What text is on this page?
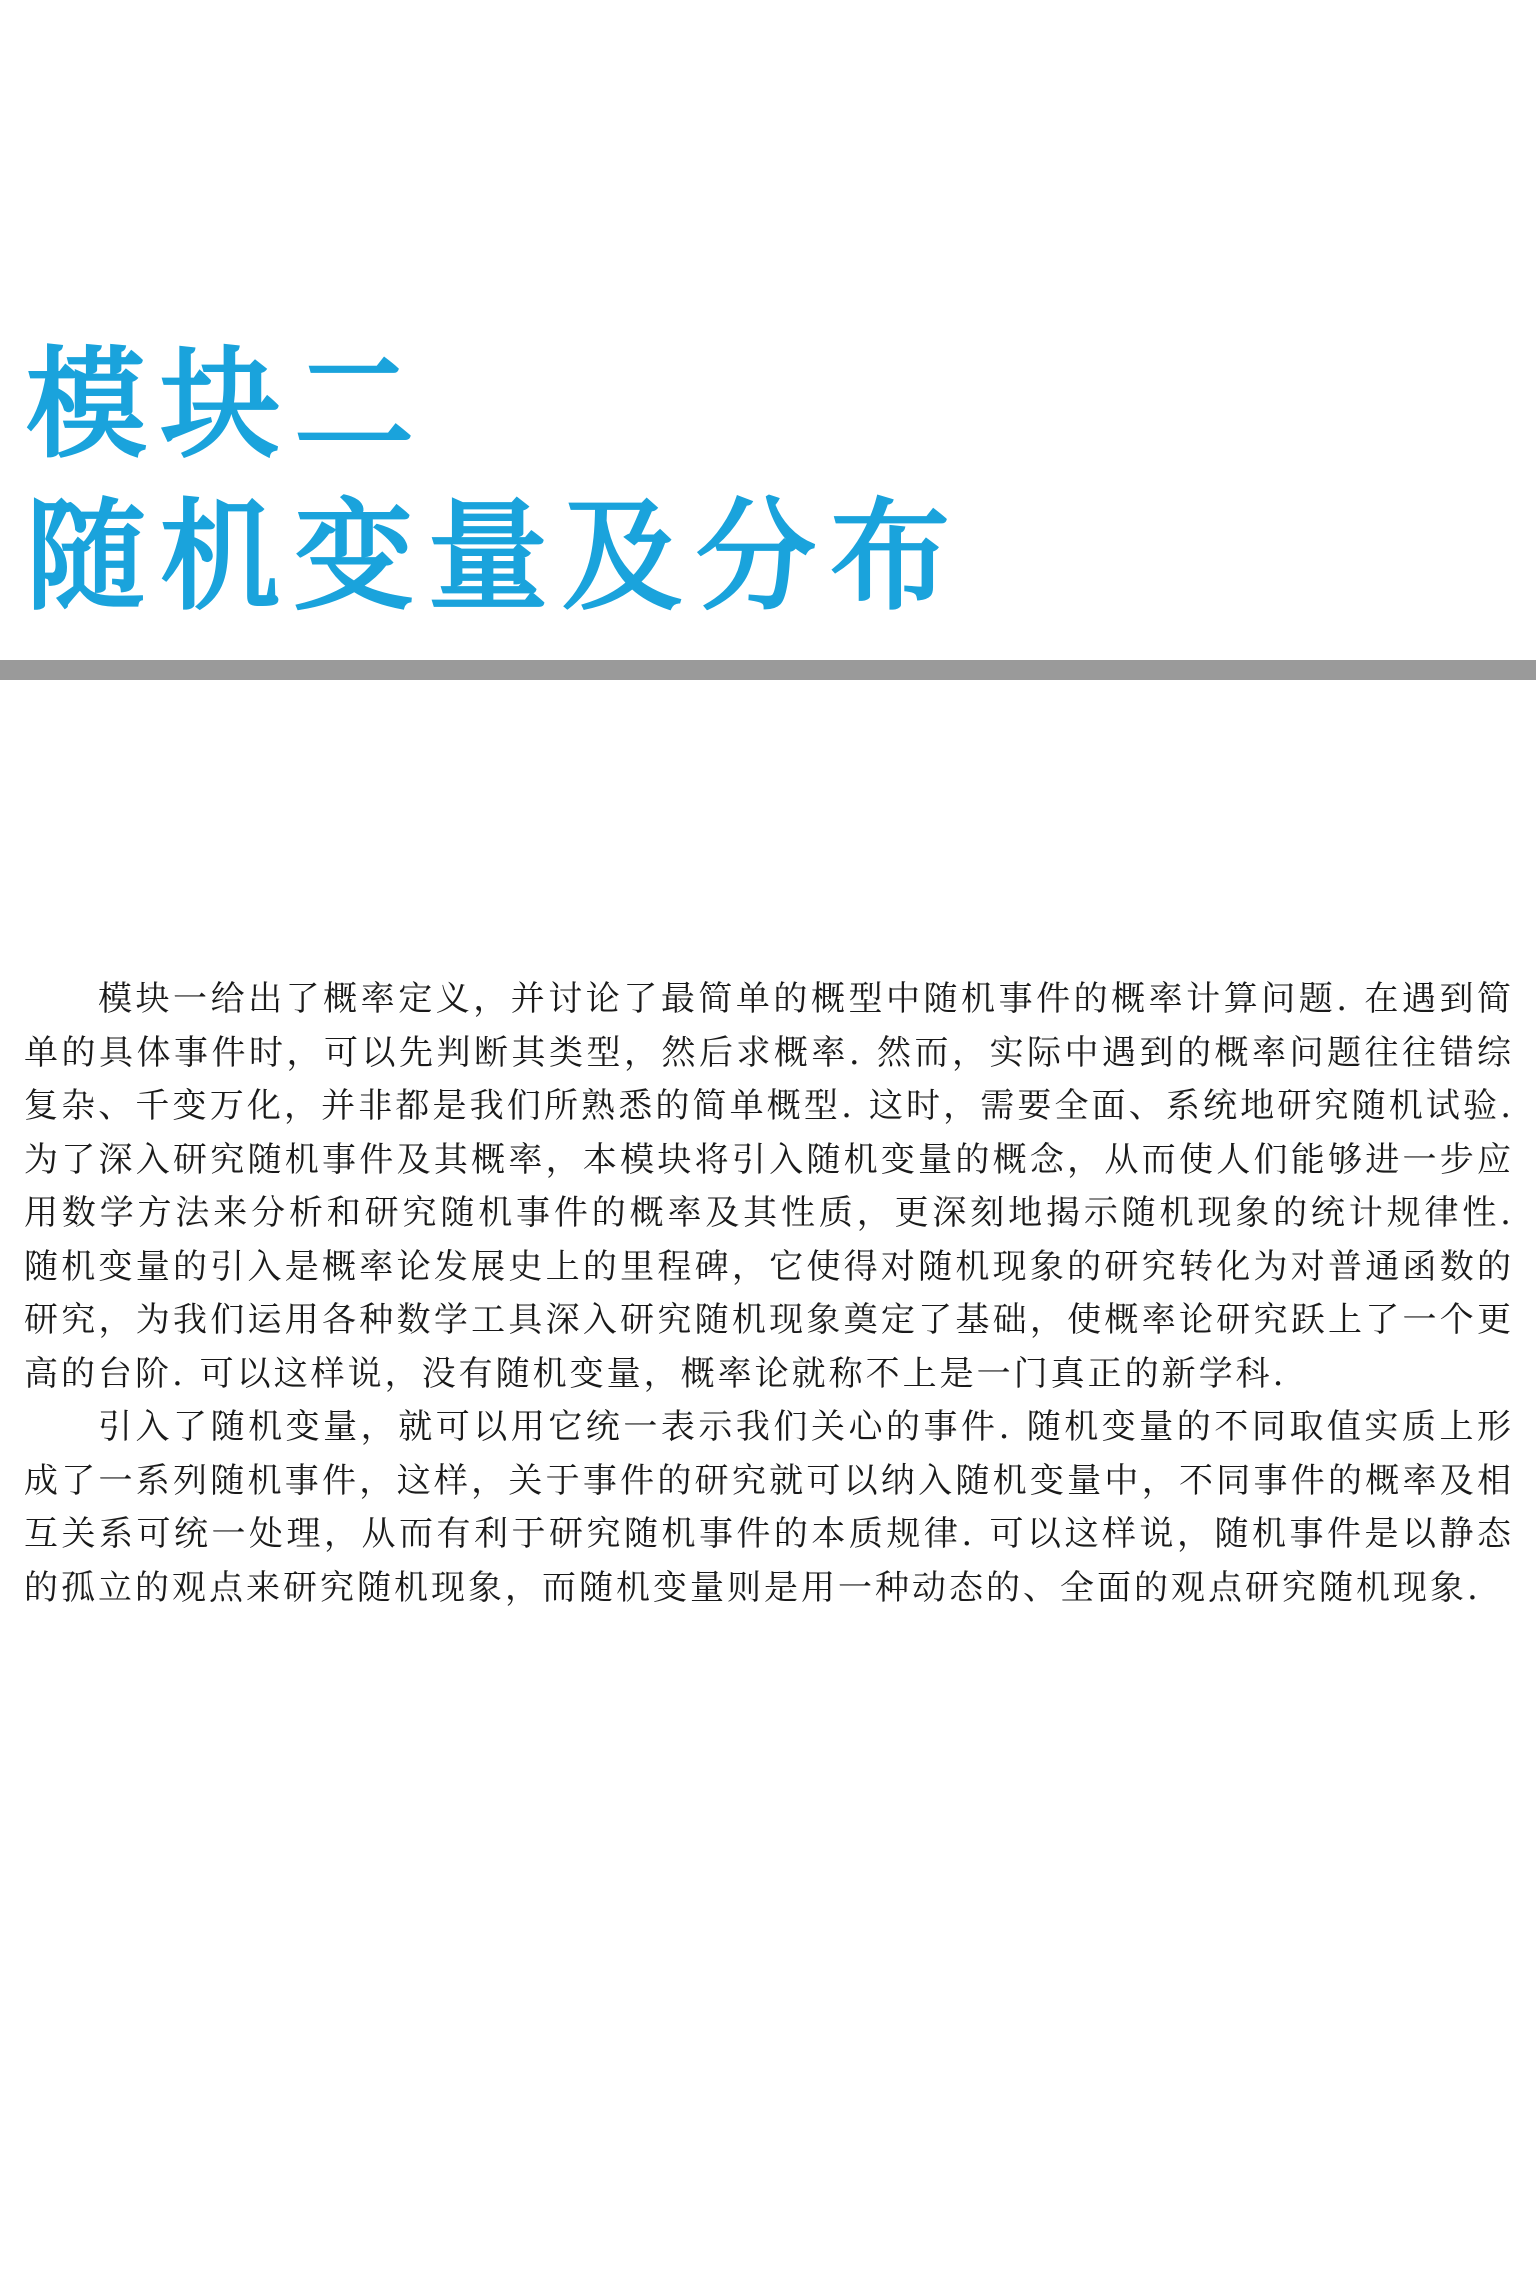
模块二
随机变量及分布

模块一给出了概率定义，并讨论了最简单的概型中随机事件的概率计算问题. 在遇到简单的具体事件时，可以先判断其类型，然后求概率. 然而，实际中遇到的概率问题往往错综复杂、千变万化，并非都是我们所熟悉的简单概型. 这时，需要全面、系统地研究随机试验. 为了深入研究随机事件及其概率，本模块将引入随机变量的概念，从而使人们能够进一步应用数学方法来分析和研究随机事件的概率及其性质，更深刻地揭示随机现象的统计规律性. 随机变量的引入是概率论发展史上的里程碑，它使得对随机现象的研究转化为对普通函数的研究，为我们运用各种数学工具深入研究随机现象奠定了基础，使概率论研究跃上了一个更高的台阶. 可以这样说，没有随机变量，概率论就称不上是一门真正的新学科.

引入了随机变量，就可以用它统一表示我们关心的事件. 随机变量的不同取值实质上形成了一系列随机事件，这样，关于事件的研究就可以纳入随机变量中，不同事件的概率及相互关系可统一处理，从而有利于研究随机事件的本质规律. 可以这样说，随机事件是以静态的孤立的观点来研究随机现象，而随机变量则是用一种动态的、全面的观点研究随机现象.
